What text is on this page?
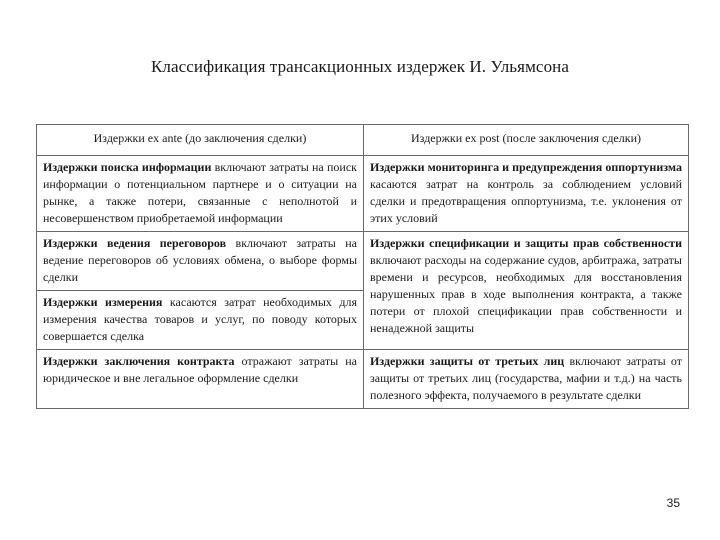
Классификация трансакционных издержек И. Ульямсона
Издержки ex ante (до заключения сделки)	Издержки ex post (после заключения сделки)
Издержки поиска информации включают затраты на поиск информации о потенциальном партнере и о ситуации на рынке, а также потери, связанные с неполнотой и несовершенством приобретаемой информации	Издержки мониторинга и предупреждения оппортунизма касаются затрат на контроль за соблюдением условий сделки и предотвращения оппортунизма, т.е. уклонения от этих условий
Издержки ведения переговоров включают затраты на ведение переговоров об условиях обмена, о выборе формы сделки	Издержки спецификации и защиты прав собственности включают расходы на содержание судов, арбитража, затраты времени и ресурсов, необходимых для восстановления нарушенных прав в ходе выполнения контракта, а также потери от плохой спецификации прав собственности и ненадежной защиты
Издержки измерения касаются затрат необходимых для измерения качества товаров и услуг, по поводу которых совершается сделка	
Издержки заключения контракта отражают затраты на юридическое и вне легальное оформление сделки	Издержки защиты от третьих лиц включают затраты от защиты от третьих лиц (государства, мафии и т.д.) на часть полезного эффекта, получаемого в результате сделки
35
